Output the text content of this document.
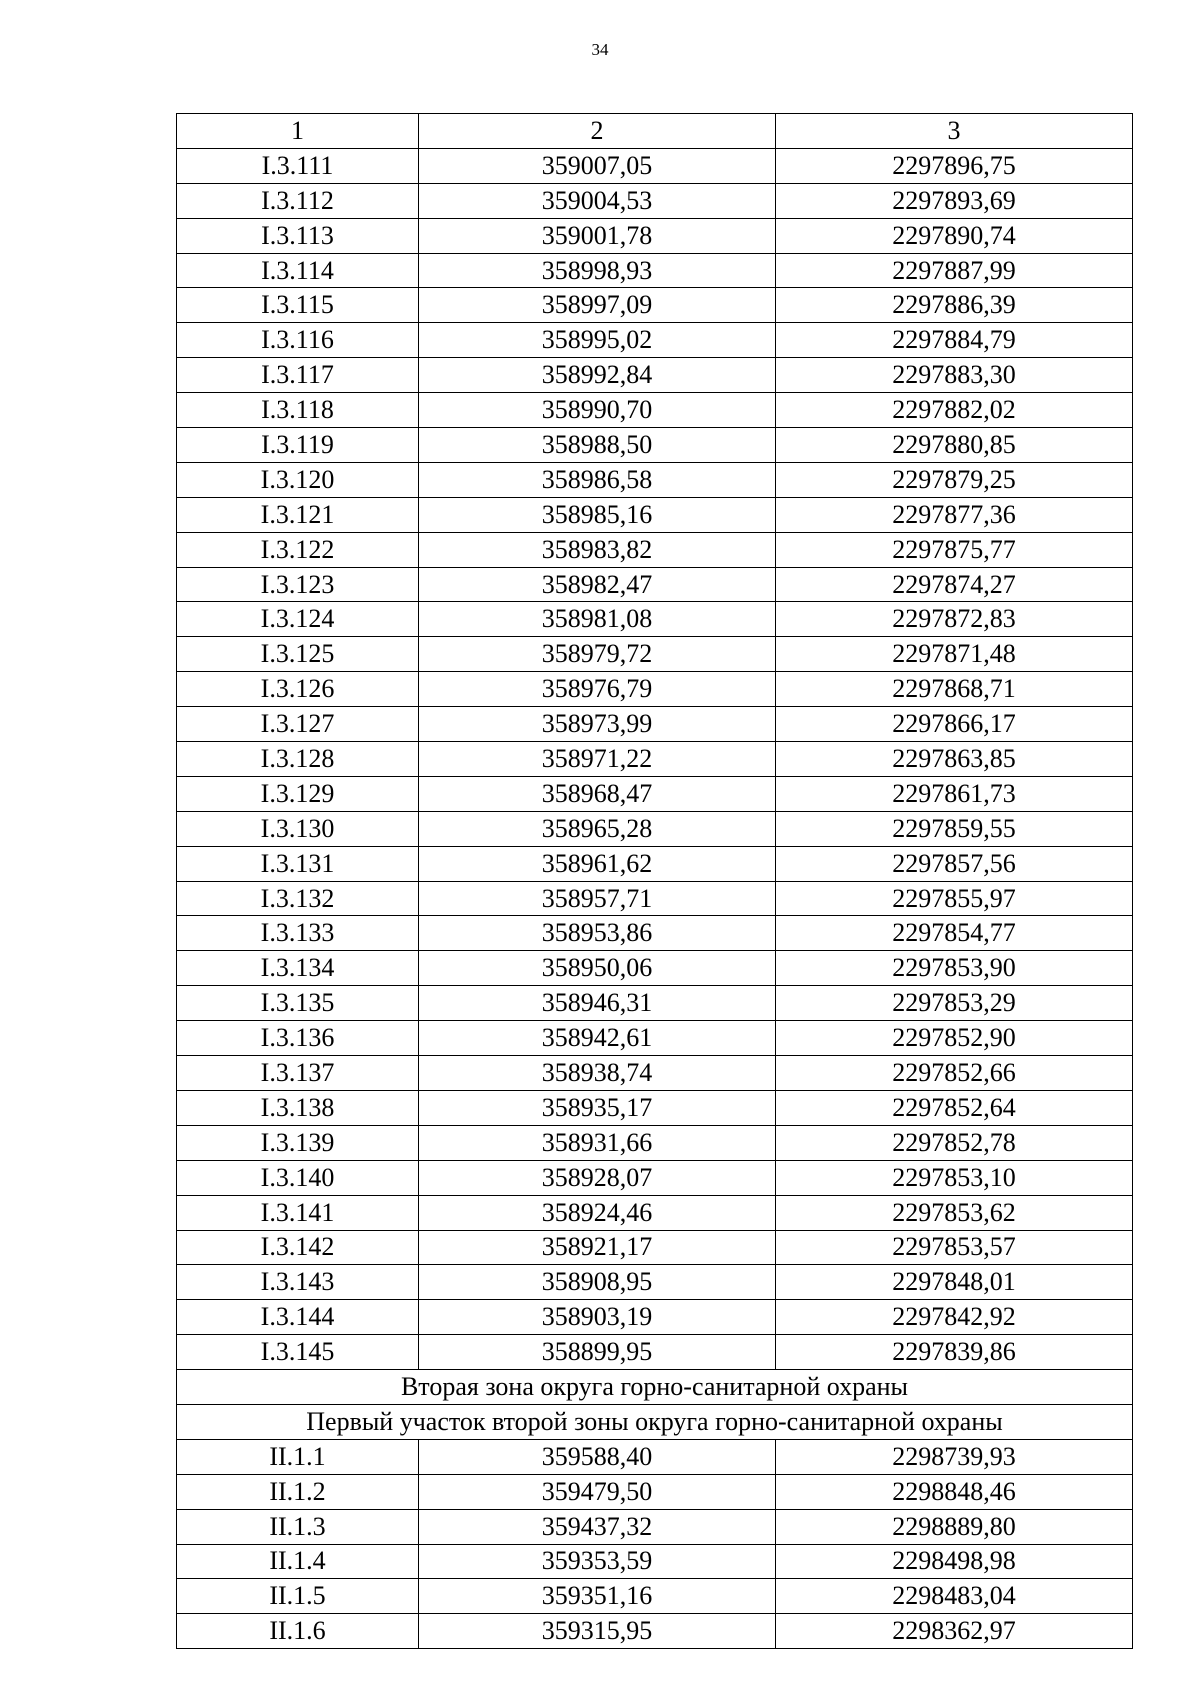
34
1	2	3
I.3.111	359007,05	2297896,75
I.3.112	359004,53	2297893,69
I.3.113	359001,78	2297890,74
I.3.114	358998,93	2297887,99
I.3.115	358997,09	2297886,39
I.3.116	358995,02	2297884,79
I.3.117	358992,84	2297883,30
I.3.118	358990,70	2297882,02
I.3.119	358988,50	2297880,85
I.3.120	358986,58	2297879,25
I.3.121	358985,16	2297877,36
I.3.122	358983,82	2297875,77
I.3.123	358982,47	2297874,27
I.3.124	358981,08	2297872,83
I.3.125	358979,72	2297871,48
I.3.126	358976,79	2297868,71
I.3.127	358973,99	2297866,17
I.3.128	358971,22	2297863,85
I.3.129	358968,47	2297861,73
I.3.130	358965,28	2297859,55
I.3.131	358961,62	2297857,56
I.3.132	358957,71	2297855,97
I.3.133	358953,86	2297854,77
I.3.134	358950,06	2297853,90
I.3.135	358946,31	2297853,29
I.3.136	358942,61	2297852,90
I.3.137	358938,74	2297852,66
I.3.138	358935,17	2297852,64
I.3.139	358931,66	2297852,78
I.3.140	358928,07	2297853,10
I.3.141	358924,46	2297853,62
I.3.142	358921,17	2297853,57
I.3.143	358908,95	2297848,01
I.3.144	358903,19	2297842,92
I.3.145	358899,95	2297839,86
Вторая зона округа горно-санитарной охраны		
Первый участок второй зоны округа горно-санитарной охраны		
II.1.1	359588,40	2298739,93
II.1.2	359479,50	2298848,46
II.1.3	359437,32	2298889,80
II.1.4	359353,59	2298498,98
II.1.5	359351,16	2298483,04
II.1.6	359315,95	2298362,97
